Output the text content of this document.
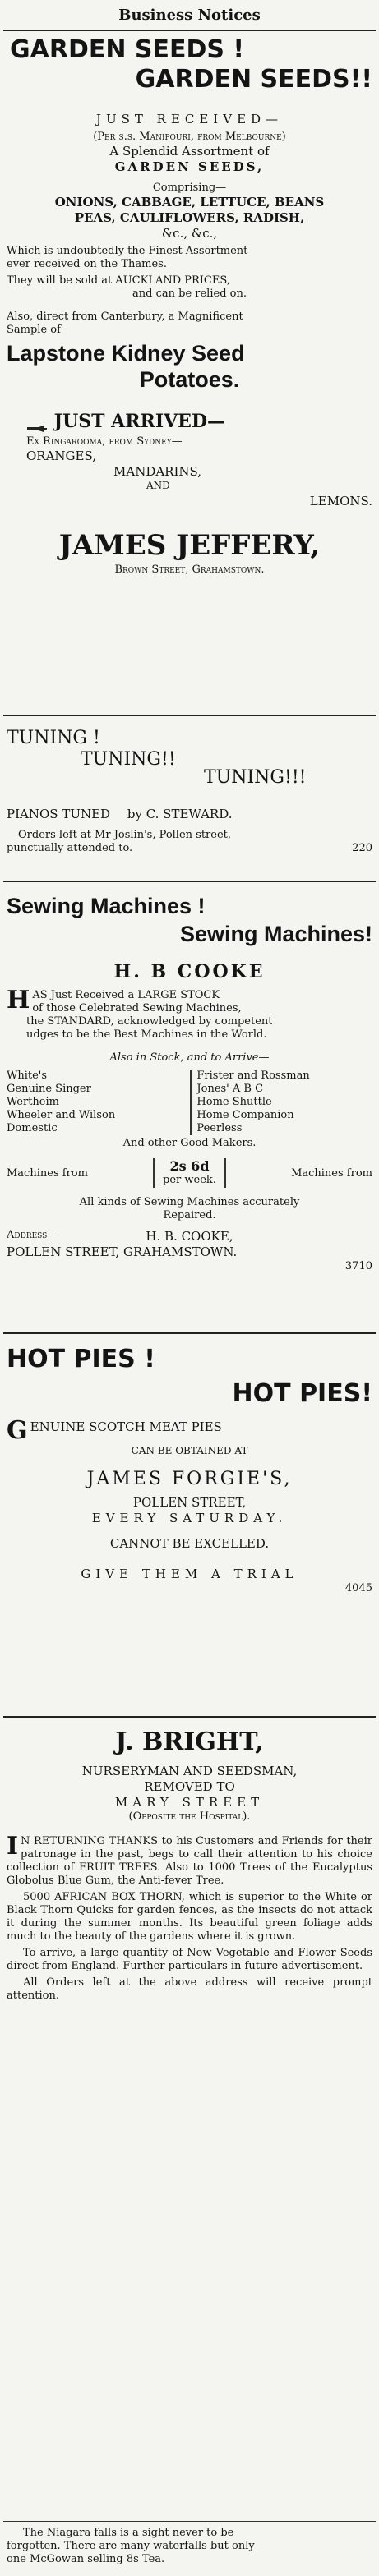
Business Notices
GARDEN SEEDS !
GARDEN SEEDS!!
JUST RECEIVED—
(Per s.s. Manipouri, from Melbourne)
A Splendid Assortment of
GARDEN SEEDS,
Comprising—
ONIONS, CABBAGE, LETTUCE, BEANS
PEAS, CAULIFLOWERS, RADISH,
&c., &c.,
Which is undoubtedly the Finest Assortment
ever received on the Thames.
They will be sold at AUCKLAND PRICES,
and can be relied on.
Also, direct from Canterbury, a Magnificent
Sample of
Lapstone Kidney Seed
Potatoes.
JUST ARRIVED—
Ex Ringarooma, from Sydney—
ORANGES,
MANDARINS,
AND
LEMONS.
JAMES JEFFERY,
Brown Street, Grahamstown.
TUNING !
TUNING!!
TUNING!!!
PIANOS TUNED by C. STEWARD.
Orders left at Mr Joslin's, Pollen street,
punctually attended to.	220
Sewing Machines !
Sewing Machines!
H. B COOKE
HAS Just Received a LARGE STOCK
of those Celebrated Sewing Machines,
the STANDARD, acknowledged by competent
udges to be the Best Machines in the World.
Also in Stock, and to Arrive—
White's
Genuine Singer
Wertheim
Wheeler and Wilson
Domestic
Frister and Rossman
Jones' A B C
Home Shuttle
Home Companion
Peerless
And other Good Makers.
Machines from	2s 6d
per week.
Machines from
All kinds of Sewing Machines accurately
Repaired.
Address—	H. B. COOKE,
POLLEN STREET, GRAHAMSTOWN.
3710
HOT PIES !
HOT PIES!
GENUINE SCOTCH MEAT PIES
CAN BE OBTAINED AT
JAMES FORGIE'S,
POLLEN STREET,
EVERY SATURDAY.
CANNOT BE EXCELLED.
GIVE THEM A TRIAL
4045
J. BRIGHT,
NURSERYMAN AND SEEDSMAN,
REMOVED TO
MARY STREET
(Opposite the Hospital).

IN RETURNING THANKS to his Customers and Friends for their patronage in the past, begs to call their attention to his choice collection of FRUIT TREES. Also to 1000 Trees of the Eucalyptus Globolus Blue Gum, the Anti-fever Tree.

5000 AFRICAN BOX THORN, which is superior to the White or Black Thorn Quicks for garden fences, as the insects do not attack it during the summer months. Its beautiful green foliage adds much to the beauty of the gardens where it is grown.

To arrive, a large quantity of New Vegetable and Flower Seeds direct from England. Further particulars in future advertisement.

All Orders left at the above address will receive prompt attention.

The Niagara falls is a sight never to be
forgotten. There are many waterfalls but only
one McGowan selling 8s Tea.
